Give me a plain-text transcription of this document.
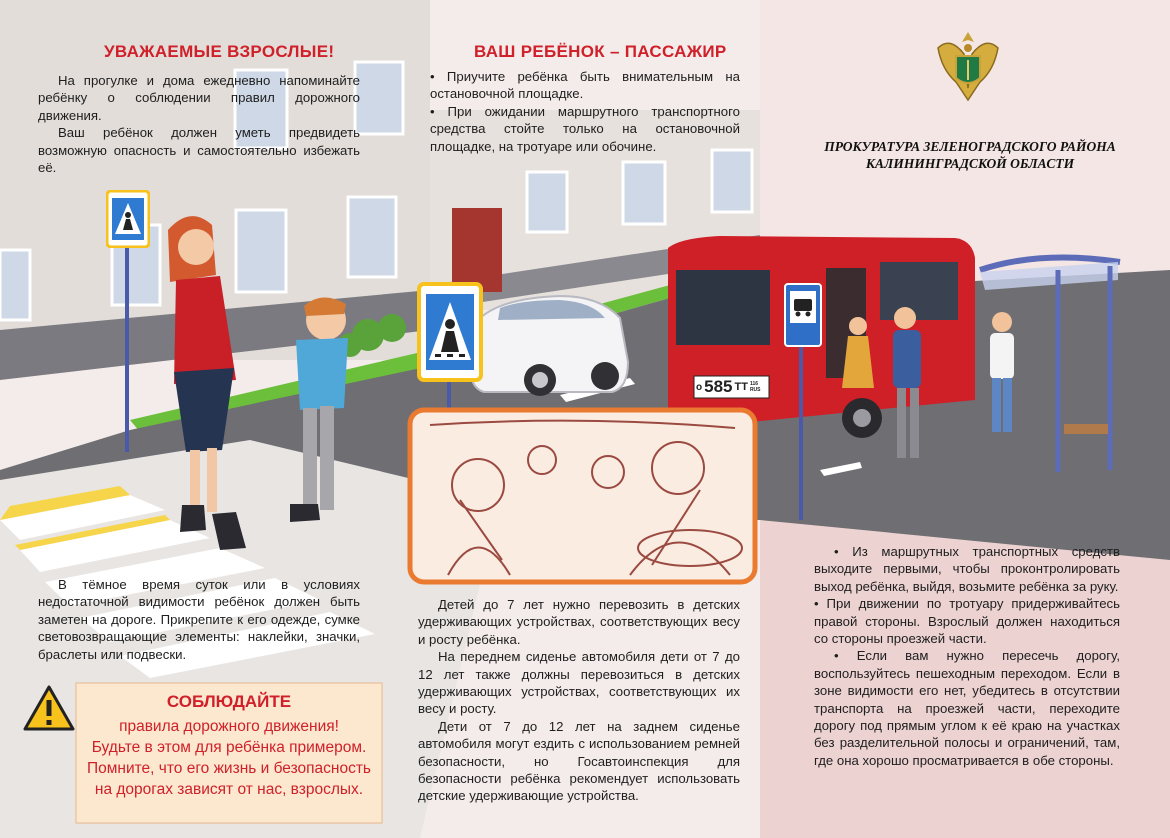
о 585 ТТ 116
RUS
ПРОКУРАТУРА ЗЕЛЕНОГРАДСКОГО РАЙОНА
КАЛИНИНГРАДСКОЙ ОБЛАСТИ
УВАЖАЕМЫЕ ВЗРОСЛЫЕ!

На прогулке и дома ежедневно напоминайте ребёнку о соблюдении правил дорожного движения.

Ваш ребёнок должен уметь предвидеть возможную опасность и самостоятельно избежать её.

В тёмное время суток или в условиях недостаточной видимости ребёнок должен быть заметен на дороге. Прикрепите к его одежде, сумке световозвращающие элементы: наклейки, значки, браслеты или подвески.

СОБЛЮДАЙТЕ

правила дорожного движения!

Будьте в этом для ребёнка примером.

Помните, что его жизнь и безопасность

на дорогах зависят от нас, взрослых.

ВАШ РЕБЁНОК – ПАССАЖИР

• Приучите ребёнка быть внимательным на остановочной площадке.

• При ожидании маршрутного транспортного средства стойте только на остановочной площадке, на тротуаре или обочине.

Детей до 7 лет нужно перевозить в детских удерживающих устройствах, соответствующих весу и росту ребёнка.

На переднем сиденье автомобиля дети от 7 до 12 лет также должны перевозиться в детских удерживающих устройствах, соответствующих их весу и росту.

Дети от 7 до 12 лет на заднем сиденье автомобиля могут ездить с использованием ремней безопасности, но Госавтоинспекция для безопасности ребёнка рекомендует использовать детские удерживающие устройства.

• Из маршрутных транспортных средств выходите первыми, чтобы проконтролировать выход ребёнка, выйдя, возьмите ребёнка за руку.

• При движении по тротуару придерживайтесь правой стороны. Взрослый должен находиться со стороны проезжей части.

• Если вам нужно пересечь дорогу, воспользуйтесь пешеходным переходом. Если в зоне видимости его нет, убедитесь в отсутствии транспорта на проезжей части, переходите дорогу под прямым углом к её краю на участках без разделительной полосы и ограничений, там, где она хорошо просматривается в обе стороны.
